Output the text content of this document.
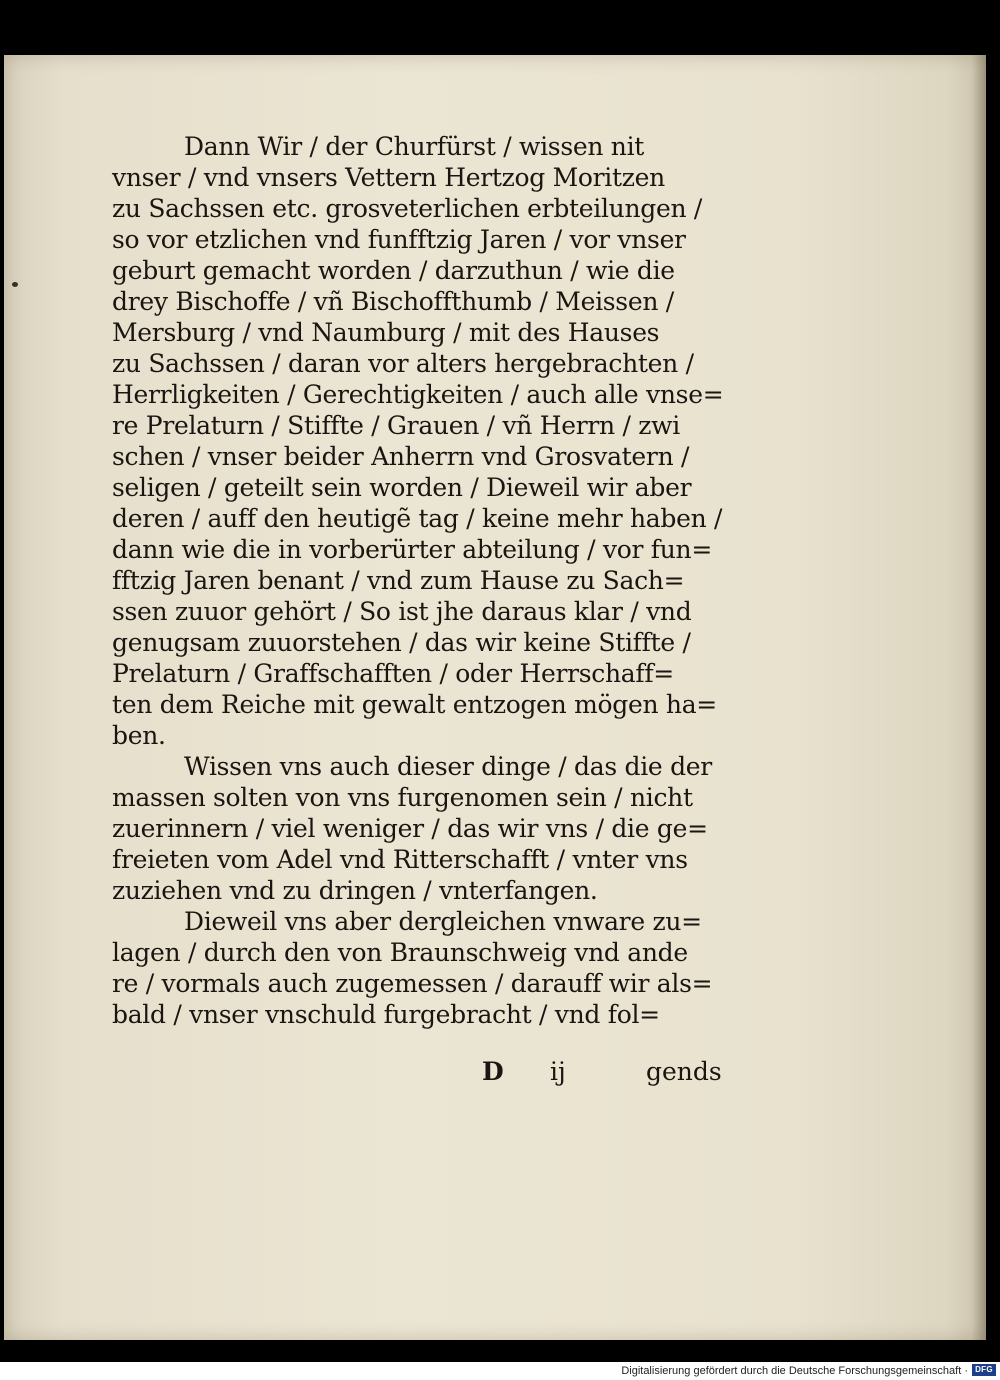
Dann Wir / der Churfürst / wissen nit
vnser / vnd vnsers Vettern Hertzog Moritzen
zu Sachssen etc. grosveterlichen erbteilungen /
so vor etzlichen vnd funfftzig Jaren / vor vnser
geburt gemacht worden / darzuthun / wie die
drey Bischoffe / vñ Bischoffthumb / Meissen /
Mersburg / vnd Naumburg / mit des Hauses
zu Sachssen / daran vor alters hergebrachten /
Herrligkeiten / Gerechtigkeiten / auch alle vnse=
re Prelaturn / Stiffte / Grauen / vñ Herrn / zwi
schen / vnser beider Anherrn vnd Grosvatern /
seligen / geteilt sein worden / Dieweil wir aber
deren / auff den heutigẽ tag / keine mehr haben /
dann wie die in vorberürter abteilung / vor fun=
fftzig Jaren benant / vnd zum Hause zu Sach=
ssen zuuor gehört / So ist jhe daraus klar / vnd
genugsam zuuorstehen / das wir keine Stiffte /
Prelaturn / Graffschafften / oder Herrschaff=
ten dem Reiche mit gewalt entzogen mögen ha=
ben.
Wissen vns auch dieser dinge / das die der
massen solten von vns furgenomen sein / nicht
zuerinnern / viel weniger / das wir vns / die ge=
freieten vom Adel vnd Ritterschafft / vnter vns
zuziehen vnd zu dringen / vnterfangen.
Dieweil vns aber dergleichen vnware zu=
lagen / durch den von Braunschweig vnd ande
re / vormals auch zugemessen / darauff wir als=
bald / vnser vnschuld furgebracht / vnd fol=
D ij	gends
Digitalisierung gefördert durch die Deutsche Forschungsgemeinschaft · DFG
